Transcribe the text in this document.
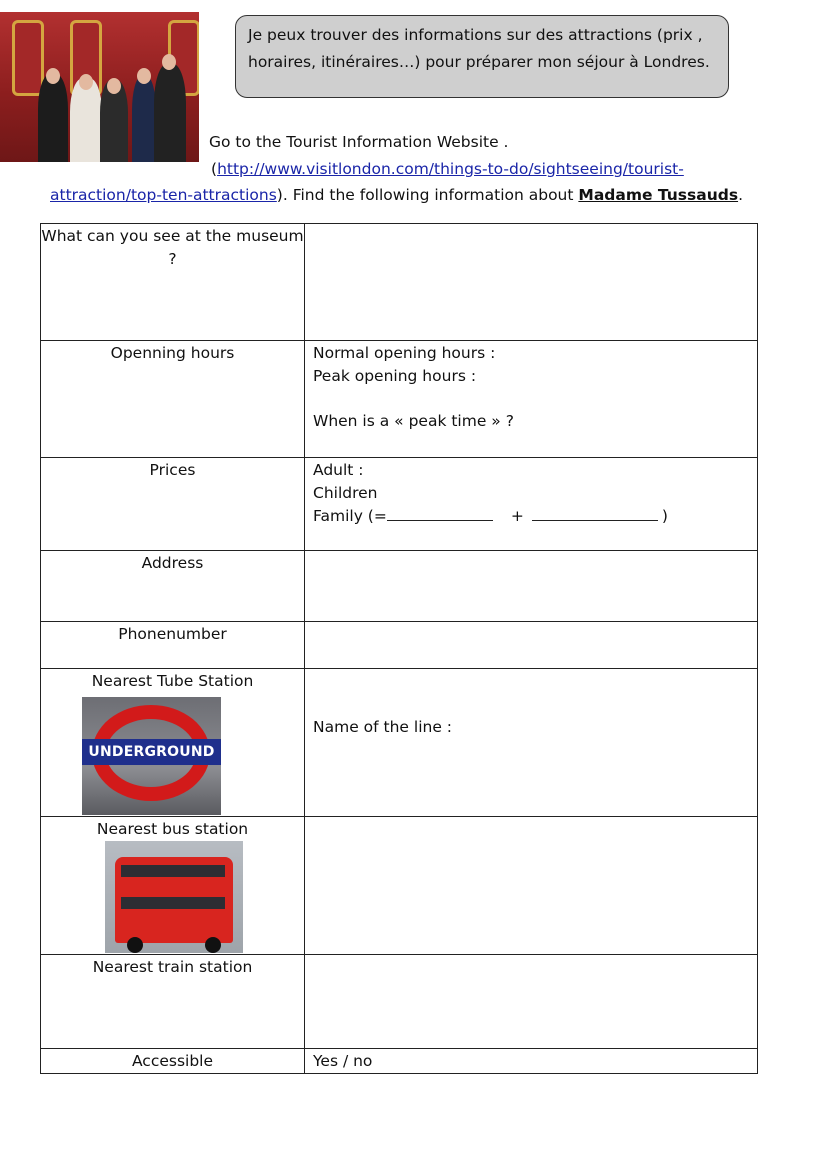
Je peux trouver des informations sur des attractions (prix , horaires, itinéraires…) pour préparer mon séjour à Londres.
Go to the Tourist Information Website .
(http://www.visitlondon.com/things-to-do/sightseeing/tourist-
attraction/top-ten-attractions). Find the following information about Madame Tussauds.
What can you see at the museum ?	
Openning hours	Normal opening hours :
Peak opening hours :
When is a « peak time » ?

Prices	Adult :
Children
Family (= + )

Address	
Phonenumber	

Nearest Tube Station
UNDERGROUND	Name of the line :

Nearest bus station	

Nearest train station	
Accessible	Yes / no
